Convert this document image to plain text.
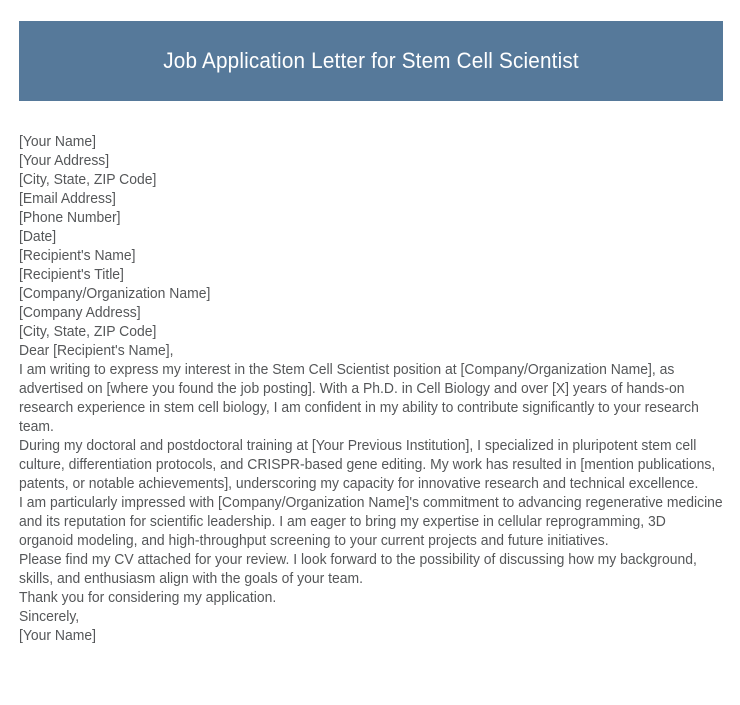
Job Application Letter for Stem Cell Scientist
[Your Name]
[Your Address]
[City, State, ZIP Code]
[Email Address]
[Phone Number]
[Date]
[Recipient's Name]
[Recipient's Title]
[Company/Organization Name]
[Company Address]
[City, State, ZIP Code]
Dear [Recipient's Name],
I am writing to express my interest in the Stem Cell Scientist position at [Company/Organization Name], as advertised on [where you found the job posting]. With a Ph.D. in Cell Biology and over [X] years of hands-on research experience in stem cell biology, I am confident in my ability to contribute significantly to your research team.
During my doctoral and postdoctoral training at [Your Previous Institution], I specialized in pluripotent stem cell culture, differentiation protocols, and CRISPR-based gene editing. My work has resulted in [mention publications, patents, or notable achievements], underscoring my capacity for innovative research and technical excellence.
I am particularly impressed with [Company/Organization Name]'s commitment to advancing regenerative medicine and its reputation for scientific leadership. I am eager to bring my expertise in cellular reprogramming, 3D organoid modeling, and high-throughput screening to your current projects and future initiatives.
Please find my CV attached for your review. I look forward to the possibility of discussing how my background, skills, and enthusiasm align with the goals of your team.
Thank you for considering my application.
Sincerely,
[Your Name]
